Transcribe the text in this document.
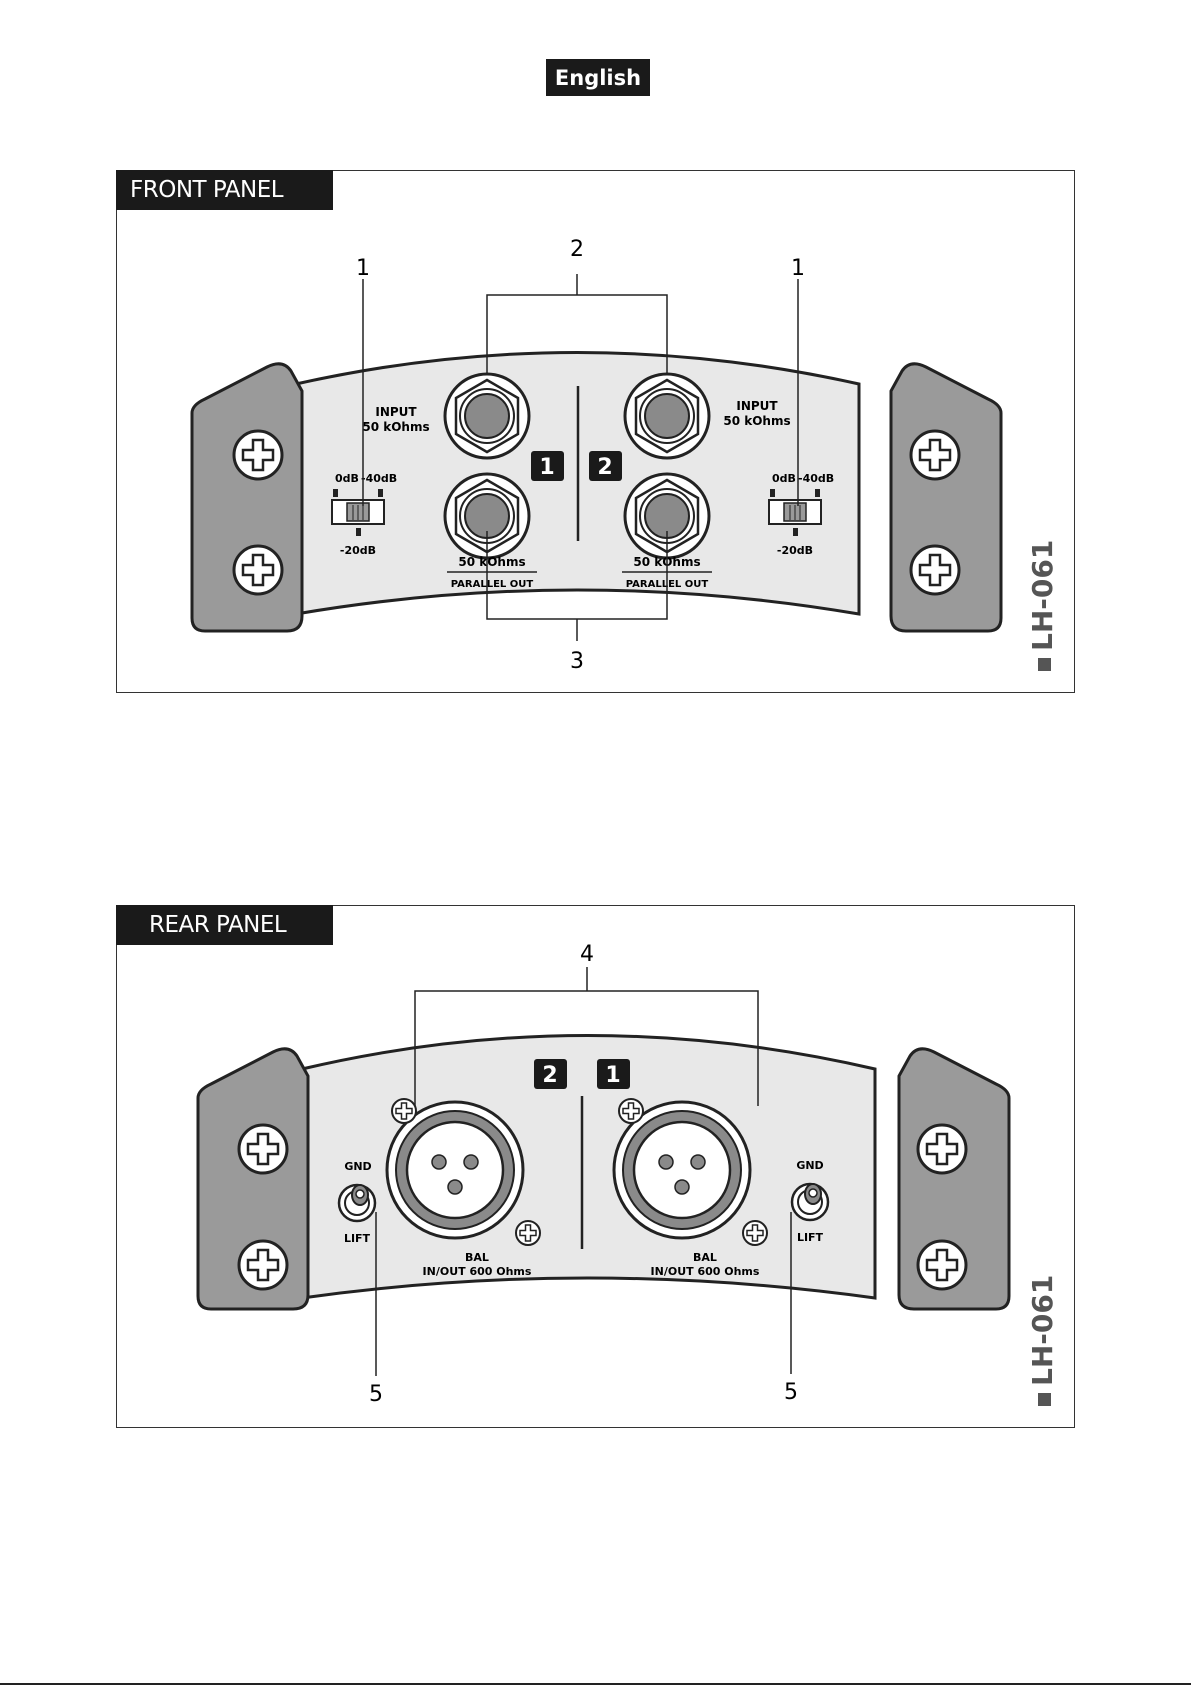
English
FRONT PANEL
1 2
INPUT
50 kOhms
INPUT
50 kOhms
50 kOhms
PARALLEL OUT
50 kOhms
PARALLEL OUT
0dB -40dB
-20dB
0dB -40dB
-20dB
1	1
2
3
LH-061
REAR PANEL
2 1
BAL
IN/OUT 600 Ohms
BAL
IN/OUT 600 Ohms
GND
LIFT
GND
LIFT
4
5	5
LH-061
